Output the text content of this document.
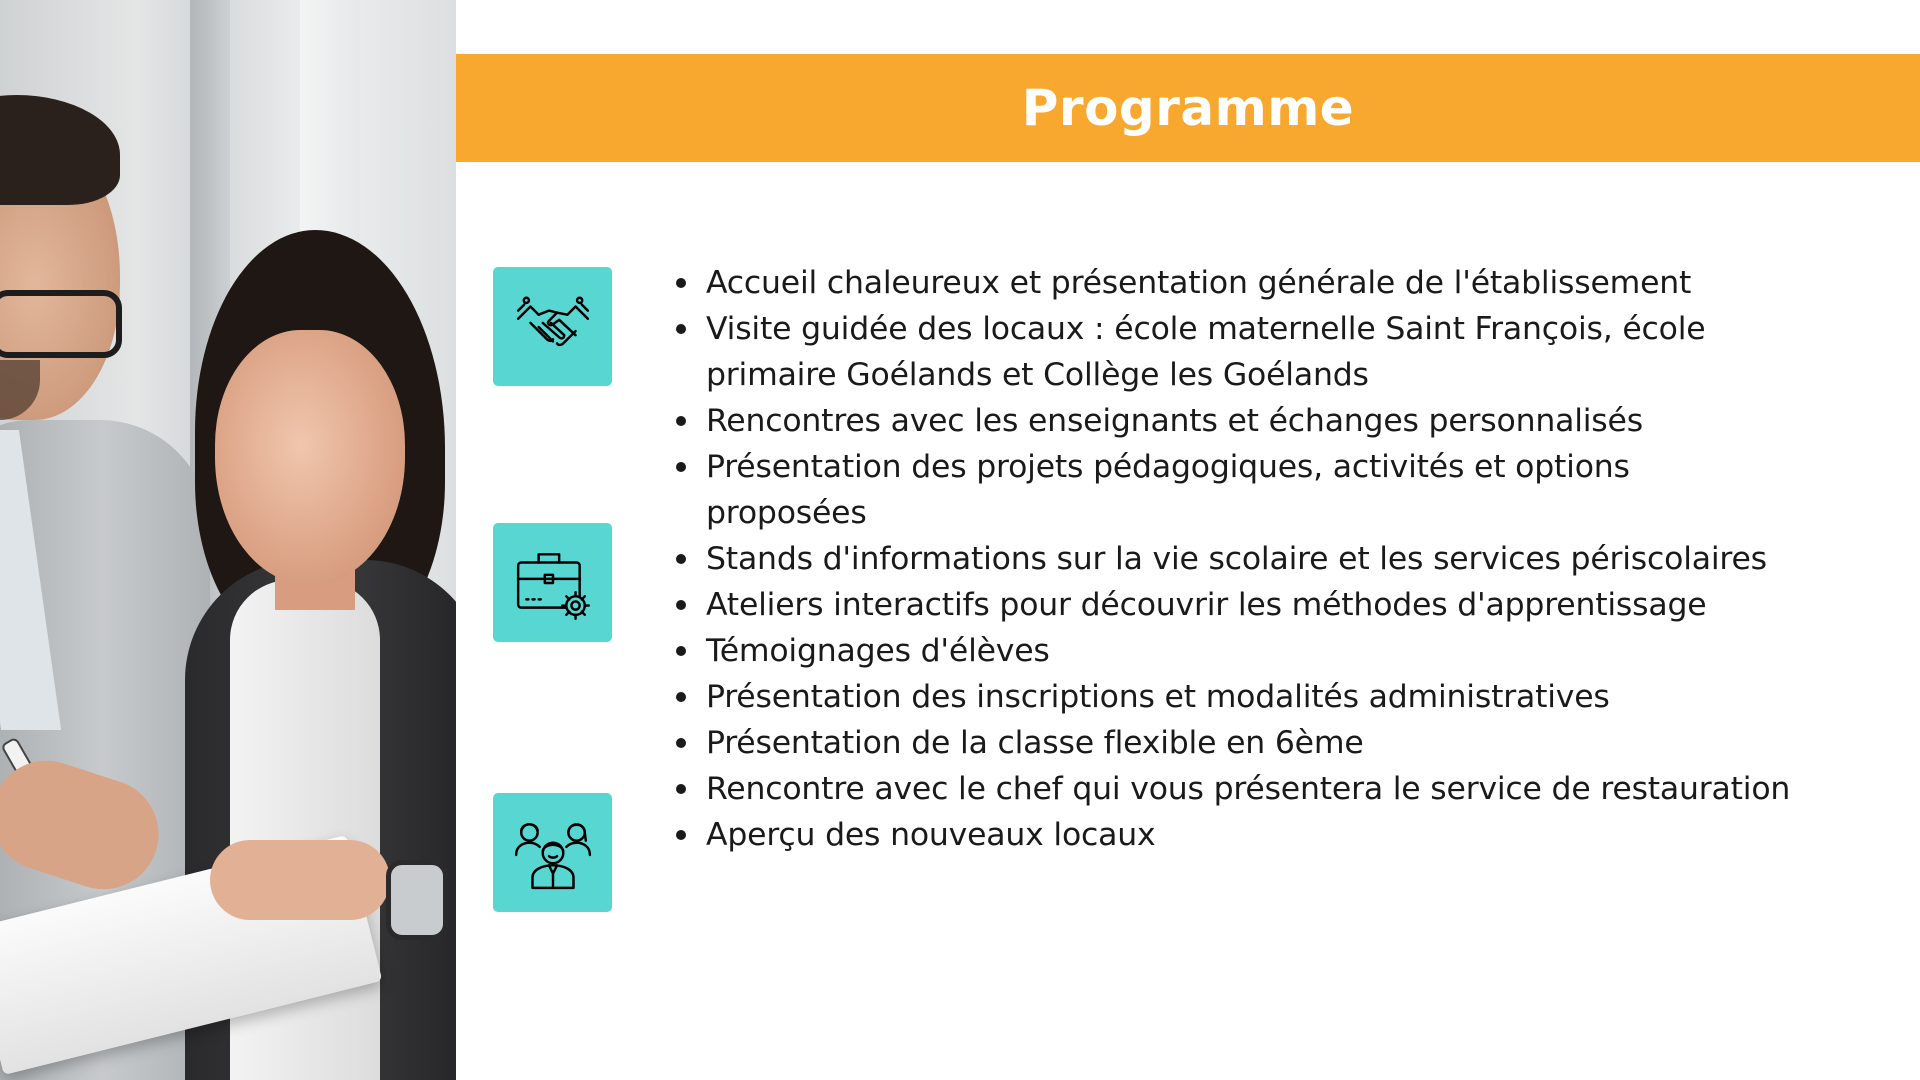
Programme
Accueil chaleureux et présentation générale de l'établissement
Visite guidée des locaux : école maternelle Saint François, école primaire Goélands et Collège les Goélands
Rencontres avec les enseignants et échanges personnalisés
Présentation des projets pédagogiques, activités et options proposées
Stands d'informations sur la vie scolaire et les services périscolaires
Ateliers interactifs pour découvrir les méthodes d'apprentissage
Témoignages d'élèves
Présentation des inscriptions et modalités administratives
Présentation de la classe flexible en 6ème
Rencontre avec le chef qui vous présentera le service de restauration
Aperçu des nouveaux locaux
